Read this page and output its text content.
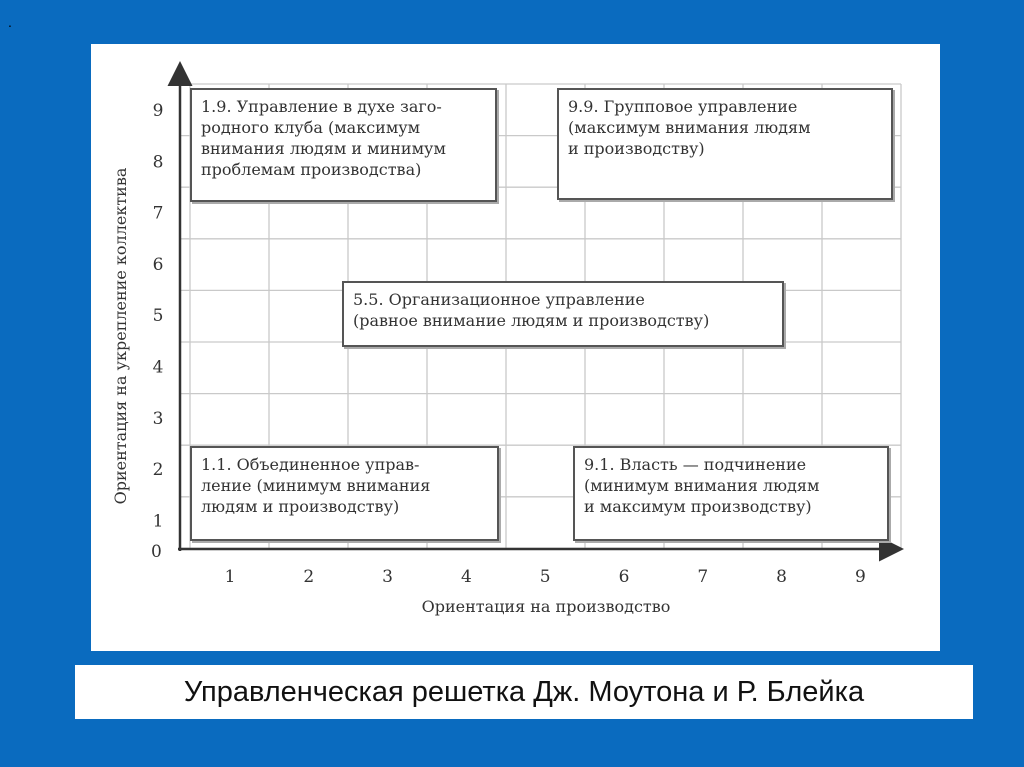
.
1	2	3	4	5	6	7	8	9
9
8
7
6
5
4
3
2
1
0
Ориентация на производство
Ориентация на укрепление коллектива
1.9. Управление в духе заго-
родного клуба (максимум
внимания людям и минимум
проблемам производства)
9.9. Групповое управление
(максимум внимания людям
и производству)
5.5. Организационное управление
(равное внимание людям и производству)
1.1. Объединенное управ-
ление (минимум внимания
людям и производству)
9.1. Власть — подчинение
(минимум внимания людям
и максимум производству)
Управленческая решетка Дж. Моутона и Р. Блейка
